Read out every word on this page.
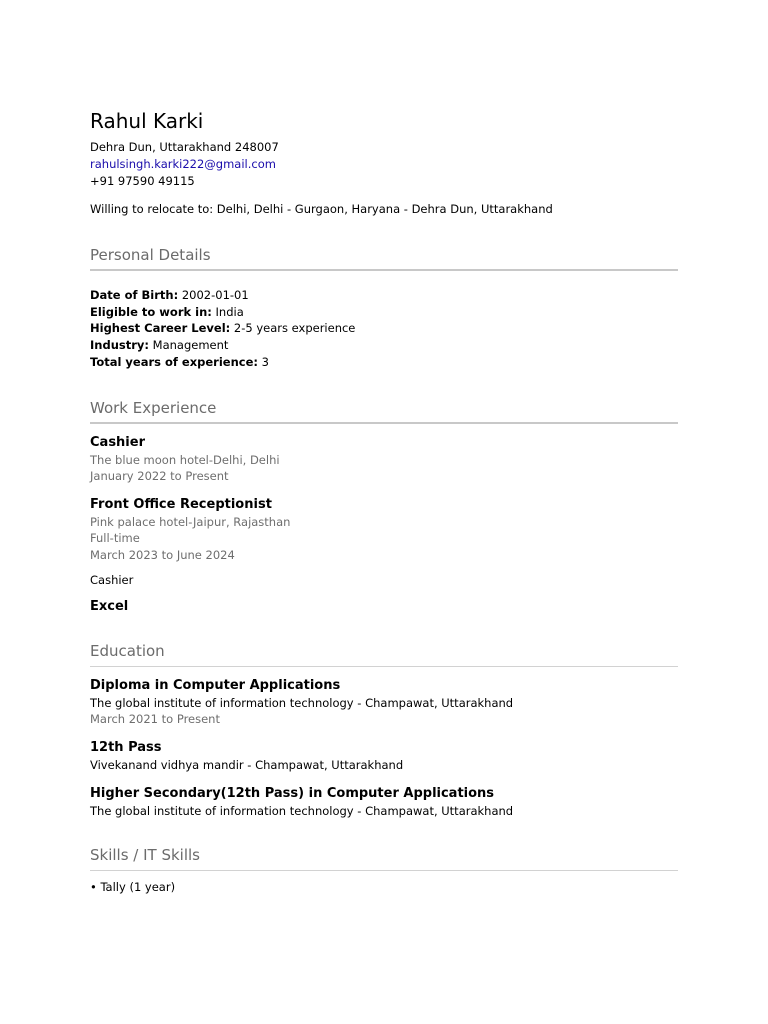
Rahul Karki
Dehra Dun, Uttarakhand 248007
rahulsingh.karki222@gmail.com
+91 97590 49115
Willing to relocate to: Delhi, Delhi - Gurgaon, Haryana - Dehra Dun, Uttarakhand
Personal Details
Date of Birth: 2002-01-01
Eligible to work in: India
Highest Career Level: 2-5 years experience
Industry: Management
Total years of experience: 3
Work Experience
Cashier
The blue moon hotel-Delhi, Delhi
January 2022 to Present
Front Office Receptionist
Pink palace hotel-Jaipur, Rajasthan
Full-time
March 2023 to June 2024
Cashier
Excel
Education
Diploma in Computer Applications
The global institute of information technology - Champawat, Uttarakhand
March 2021 to Present
12th Pass
Vivekanand vidhya mandir - Champawat, Uttarakhand
Higher Secondary(12th Pass) in Computer Applications
The global institute of information technology - Champawat, Uttarakhand
Skills / IT Skills
• Tally (1 year)
